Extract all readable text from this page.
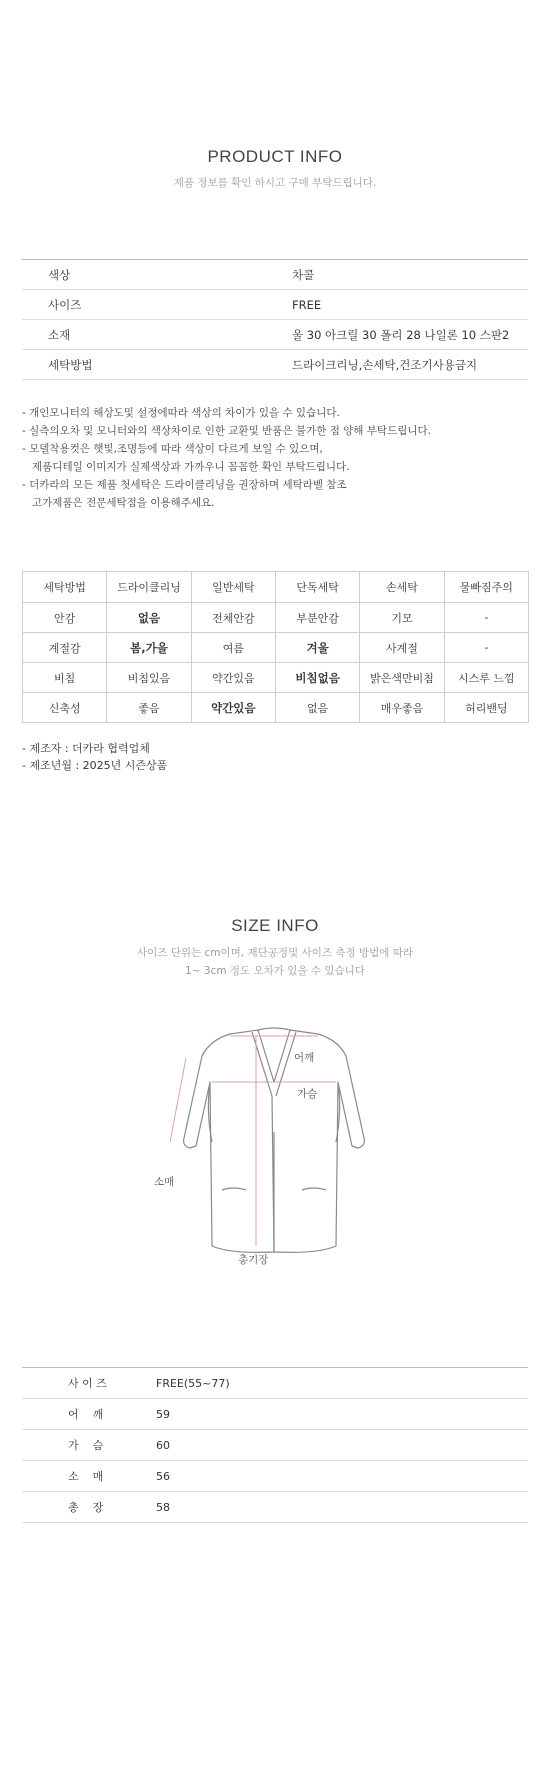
PRODUCT INFO
제품 정보를 확인 하시고 구매 부탁드립니다.
색상	차콜
사이즈	FREE
소재	울 30 아크릴 30 폴리 28 나일론 10 스판2
세탁방법	드라이크리닝,손세탁,건조기사용금지
- 개인모니터의 해상도및 설정에따라 색상의 차이가 있을 수 있습니다.
- 실측의오차 및 모니터와의 색상차이로 인한 교환및 반품은 불가한 점 양해 부탁드립니다.
- 모델착용컷은 햇빛,조명등에 따라 색상이 다르게 보일 수 있으며,
제품디테일 이미지가 실제색상과 가까우니 꼼꼼한 확인 부탁드립니다.
- 더카라의 모든 제품 첫세탁은 드라이클리닝을 권장하며 세탁라벨 참조
고가제품은 전문세탁점을 이용해주세요.
세탁방법	드라이클리닝	일반세탁	단독세탁	손세탁	물빠짐주의
안감	없음	전체안감	부분안감	기모	-
계절감	봄,가을	여름	겨울	사계절	-
비침	비침있음	약간있음	비침없음	밝은색만비침	시스루 느낌
신축성	좋음	약간있음	없음	매우좋음	허리밴딩
- 제조자 : 더카라 협력업체
- 제조년월 : 2025년 시즌상품
SIZE INFO
사이즈 단위는 cm이며, 재단공정및 사이즈 측정 방법에 따라
1~ 3cm 정도 오차가 있을 수 있습니다
어깨
가슴
소매
총기장
사 이 즈	FREE(55~77)
어    깨	59
가    슴	60
소    매	56
총    장	58
